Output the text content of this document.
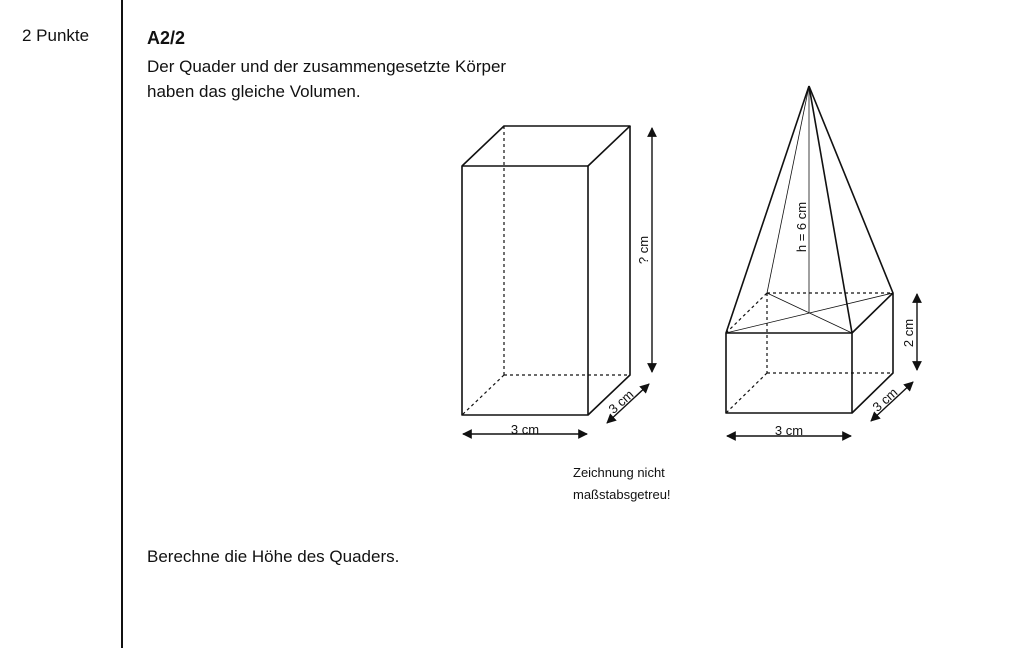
2 Punkte	A2/2
Der Quader und der zusammengesetzte Körper
haben das gleiche Volumen.
? cm
3 cm
3 cm
h = 6 cm
2 cm
3 cm
3 cm
Zeichnung nicht
maßstabsgetreu!
Berechne die Höhe des Quaders.
